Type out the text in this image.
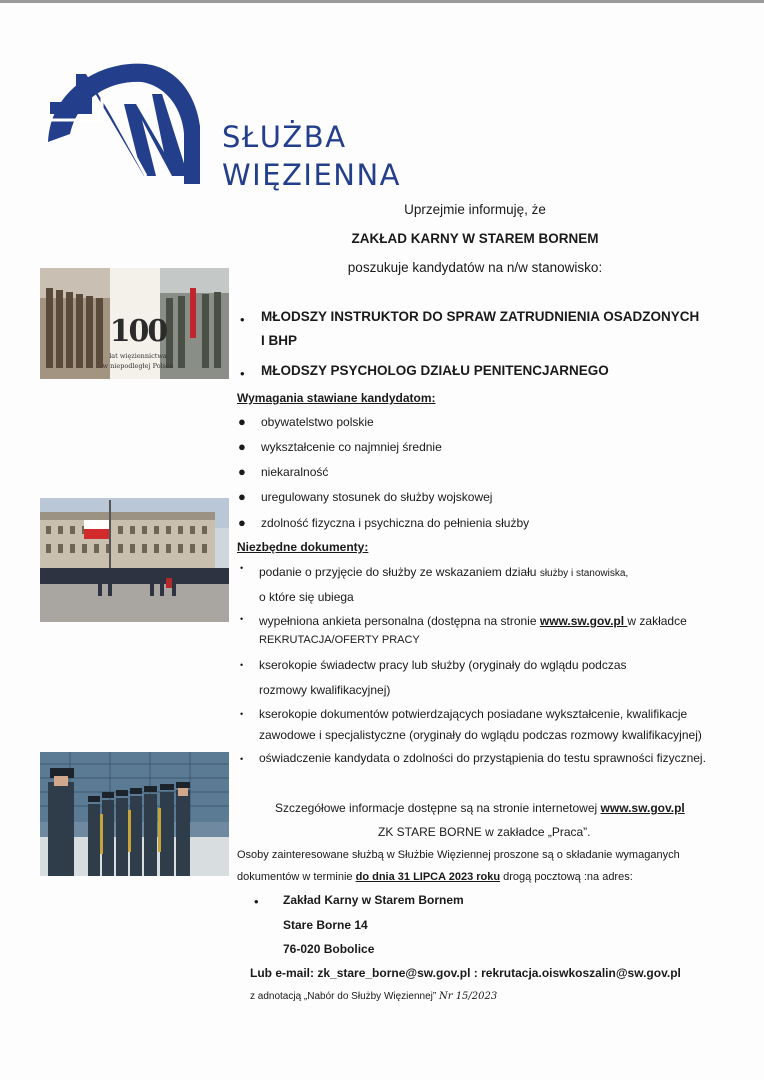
SŁUŻBA
WIĘZIENNA
Uprzejmie informuję, że
ZAKŁAD KARNY W STAREM BORNEM
poszukuje kandydatów na n/w stanowisko:
100
lat więziennictwa
w niepodległej Polsce
• MŁODSZY INSTRUKTOR DO SPRAW ZATRUDNIENIA OSADZONYCH
I BHP
• MŁODSZY PSYCHOLOG DZIAŁU PENITENCJARNEGO
Wymagania stawiane kandydatom:
● obywatelstwo polskie
● wykształcenie co najmniej średnie
● niekaralność
● uregulowany stosunek do służby wojskowej
● zdolność fizyczna i psychiczna do pełnienia służby
Niezbędne dokumenty:
• podanie o przyjęcie do służby ze wskazaniem działu służby i stanowiska,
o które się ubiega
• wypełniona ankieta personalna (dostępna na stronie www.sw.gov.pl w zakładce
REKRUTACJA/OFERTY PRACY
• kserokopie świadectw pracy lub służby (oryginały do wglądu podczas
rozmowy kwalifikacyjnej)
• kserokopie dokumentów potwierdzających posiadane wykształcenie, kwalifikacje
zawodowe i specjalistyczne (oryginały do wglądu podczas rozmowy kwalifikacyjnej)
• oświadczenie kandydata o zdolności do przystąpienia do testu sprawności fizycznej.
Szczegółowe informacje dostępne są na stronie internetowej www.sw.gov.pl
ZK STARE BORNE w zakładce „Praca”.
Osoby zainteresowane służbą w Służbie Więziennej proszone są o składanie wymaganych
dokumentów w terminie do dnia 31 LIPCA 2023 roku drogą pocztową :na adres:
• Zakład Karny w Starem Bornem
Stare Borne 14
76-020 Bobolice
Lub e-mail: zk_stare_borne@sw.gov.pl : rekrutacja.oiswkoszalin@sw.gov.pl
z adnotacją „Nabór do Służby Więziennej” Nr 15/2023
